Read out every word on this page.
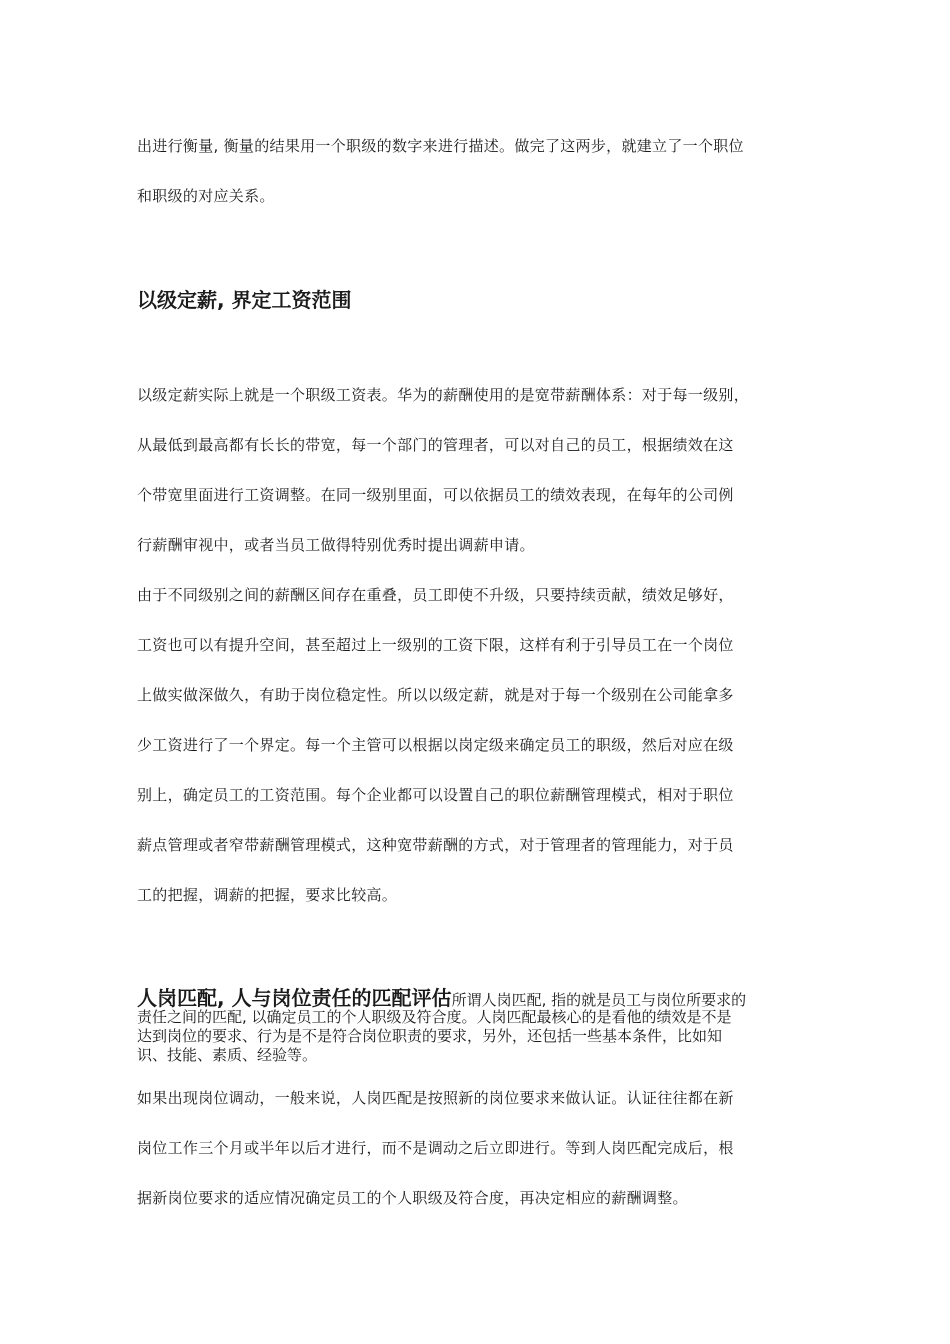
出进行衡量, 衡量的结果用一个职级的数字来进行描述。做完了这两步，就建立了一个职位
和职级的对应关系。
以级定薪, 界定工资范围
以级定薪实际上就是一个职级工资表。华为的薪酬使用的是宽带薪酬体系：对于每一级别，
从最低到最高都有长长的带宽，每一个部门的管理者，可以对自己的员工，根据绩效在这
个带宽里面进行工资调整。在同一级别里面，可以依据员工的绩效表现，在每年的公司例
行薪酬审视中，或者当员工做得特别优秀时提出调薪申请。
由于不同级别之间的薪酬区间存在重叠，员工即使不升级，只要持续贡献，绩效足够好，
工资也可以有提升空间，甚至超过上一级别的工资下限，这样有利于引导员工在一个岗位
上做实做深做久，有助于岗位稳定性。所以以级定薪，就是对于每一个级别在公司能拿多
少工资进行了一个界定。每一个主管可以根据以岗定级来确定员工的职级，然后对应在级
别上，确定员工的工资范围。每个企业都可以设置自己的职位薪酬管理模式，相对于职位
薪点管理或者窄带薪酬管理模式，这种宽带薪酬的方式，对于管理者的管理能力，对于员
工的把握，调薪的把握，要求比较高。
人岗匹配, 人与岗位责任的匹配评估所谓人岗匹配, 指的就是员工与岗位所要求的
责任之间的匹配, 以确定员工的个人职级及符合度。人岗匹配最核心的是看他的绩效是不是
达到岗位的要求、行为是不是符合岗位职责的要求，另外，还包括一些基本条件，比如知
识、技能、素质、经验等。
如果出现岗位调动，一般来说，人岗匹配是按照新的岗位要求来做认证。认证往往都在新
岗位工作三个月或半年以后才进行，而不是调动之后立即进行。等到人岗匹配完成后，根
据新岗位要求的适应情况确定员工的个人职级及符合度，再决定相应的薪酬调整。
